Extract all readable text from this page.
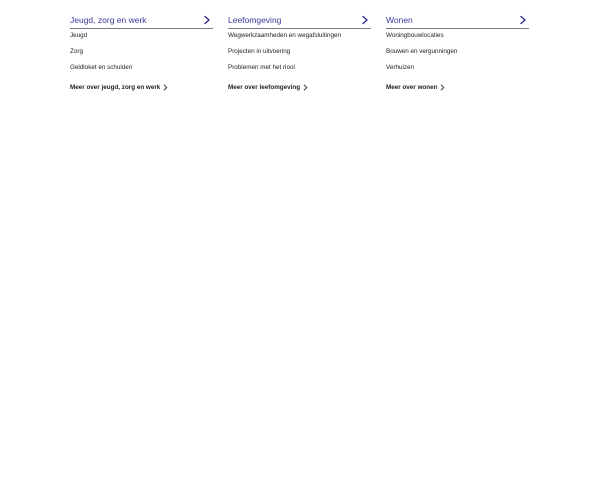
Jeugd, zorg en werk
Jeugd
Zorg
Geldloket en schulden
Meer over jeugd, zorg en werk
Leefomgeving
Wegwerkzaamheden en wegafsluitingen
Projecten in uitvoering
Problemen met het riool
Meer over leefomgeving
Wonen
Woningbouwlocaties
Bouwen en vergunningen
Verhuizen
Meer over wonen
